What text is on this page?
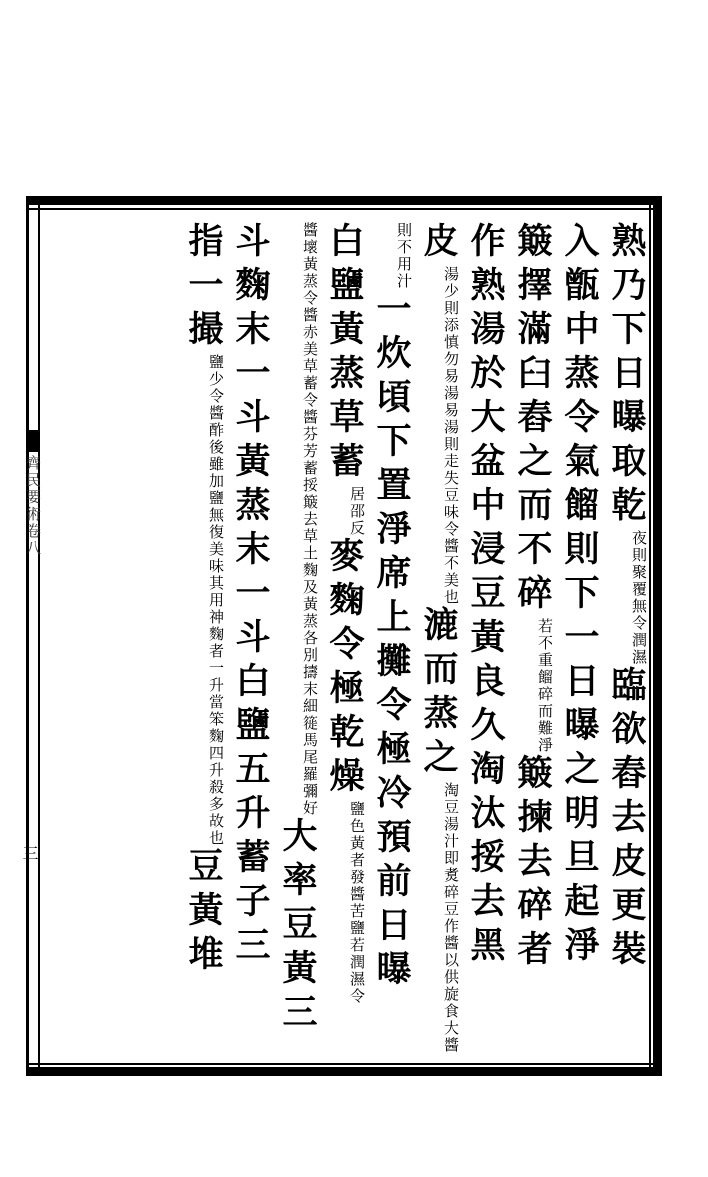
齊民要術卷八
三
熟乃下日曝取乾夜則聚覆無令潤濕臨欲舂去皮更裝
入甑中蒸令氣餾則下一日曝之明旦起淨
簸擇滿臼舂之而不碎若不重餾碎而難淨簸揀去碎者
作熟湯於大盆中浸豆黃良久淘汰挼去黑
皮湯少則添慎勿易湯易湯則走失豆味令醬不美也漉而蒸之淘豆湯汁即煑碎豆作醬以供旋食大醬
則不用汁一炊頃下置淨席上攤令極冷預前日曝
白鹽黃蒸草蓄居邵反麥麴令極乾燥鹽色黃者發醬苦鹽若潤濕令
醬壞黃蒸令醬赤美草蓄令醬芬芳蓄挼簸去草土麴及黃蒸各別擣末細簁馬尾羅彌好大率豆黃三
斗麴末一斗黃蒸末一斗白鹽五升蓄子三
指一撮鹽少令醬酢後雖加鹽無復美味其用神麴者一升當笨麴四升殺多故也豆黃堆
